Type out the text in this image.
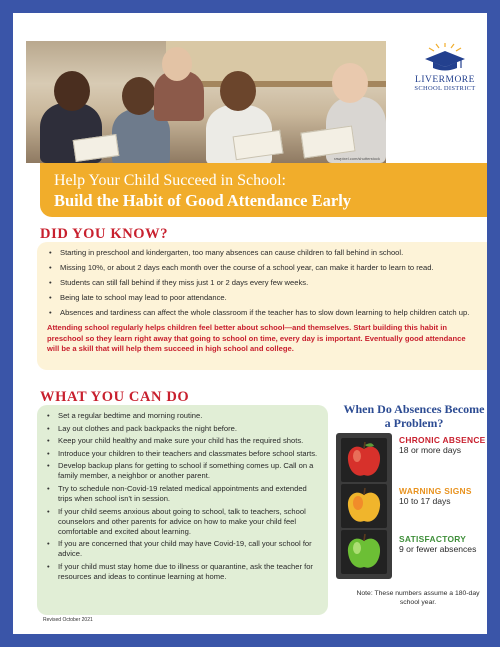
rawpixel.com/shutterstock
LIVERMORE
SCHOOL DISTRICT
Help Your Child Succeed in School:
Build the Habit of Good Attendance Early
DID YOU KNOW?
• Starting in preschool and kindergarten, too many absences can cause children to fall behind in school.
• Missing 10%, or about 2 days each month over the course of a school year, can make it harder to learn to read.
• Students can still fall behind if they miss just 1 or 2 days every few weeks.
• Being late to school may lead to poor attendance.
• Absences and tardiness can affect the whole classroom if the teacher has to slow down learning to help children catch up.
Attending school regularly helps children feel better about school—and themselves. Start building this habit in preschool so they learn right away that going to school on time, every day is important. Eventually good attendance will be a skill that will help them succeed in high school and college.
WHAT YOU CAN DO
• Set a regular bedtime and morning routine.
• Lay out clothes and pack backpacks the night before.
• Keep your child healthy and make sure your child has the required shots.
• Introduce your children to their teachers and classmates before school starts.
• Develop backup plans for getting to school if something comes up. Call on a family member, a neighbor or another parent.
• Try to schedule non-Covid-19 related medical appointments and extended trips when school isn't in session.
• If your child seems anxious about going to school, talk to teachers, school counselors and other parents for advice on how to make your child feel comfortable and excited about learning.
• If you are concerned that your child may have Covid-19, call your school for advice.
• If your child must stay home due to illness or quarantine, ask the teacher for resources and ideas to continue learning at home.
Revised October 2021
When Do Absences Become a Problem?
CHRONIC ABSENCE
18 or more days
WARNING SIGNS
10 to 17 days
SATISFACTORY
9 or fewer absences
Note: These numbers assume a 180-day school year.
